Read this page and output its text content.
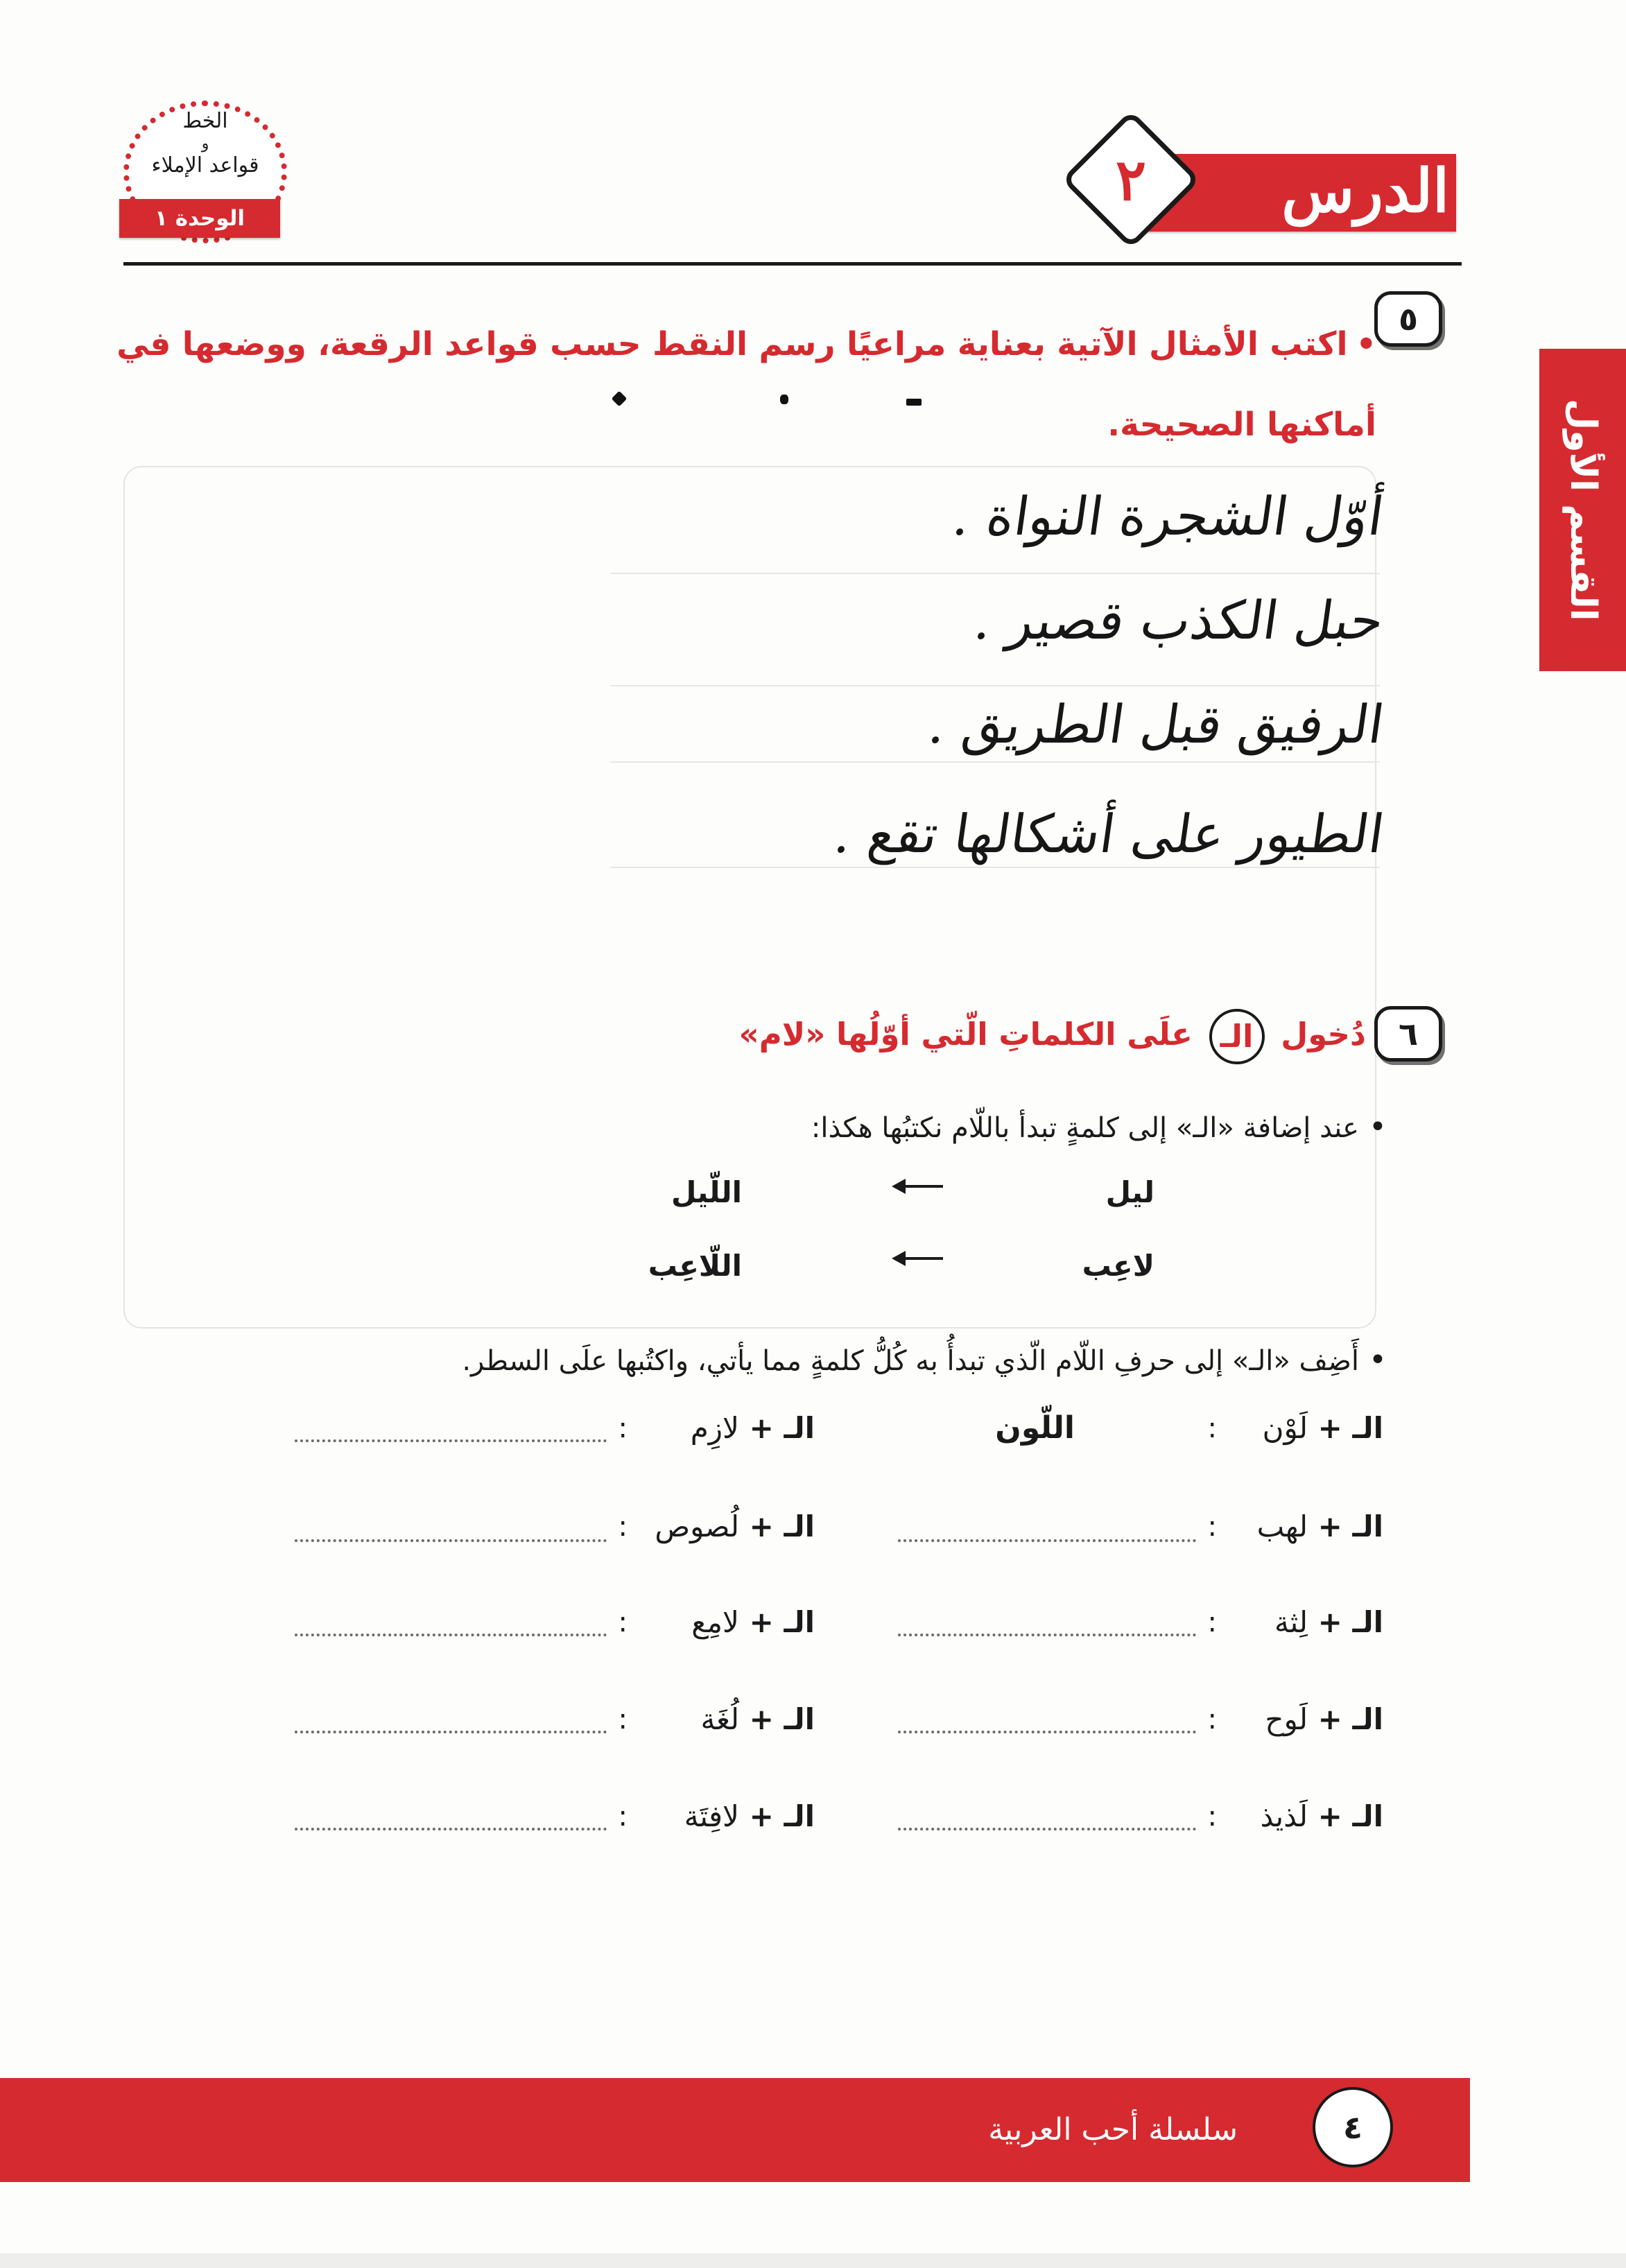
الدرس
٢
الخط
و
قواعد الإملاء
الوحدة ١
القسم الأول
٥
•اكتب الأمثال الآتية بعناية مراعيًا رسم النقط حسب قواعد الرقعة، ووضعها في أماكنها الصحيحة.
أوّل الشجرة النواة .
حبل الكذب قصير .
الرفيق قبل الطريق .
الطيور على أشكالها تقع .
٦
دُخول الـ علَى الكلماتِ الّتي أوّلُها «لام»
•عند إضافة «الـ» إلى كلمةٍ تبدأ باللّام نكتبُها هكذا:
ليل
اللّيل
لاعِب
اللّاعِب
•أَضِف «الـ» إلى حرفِ اللّام الّذي تبدأُ به كُلُّ كلمةٍ مما يأتي، واكتُبها علَى السطر.
الـ + لَوْن
:
اللّون
الـ + لهب
:
الـ + لِثة
:
الـ + لَوح
:
الـ + لَذيذ
:
الـ + لازِم
:
الـ + لُصوص
:
الـ + لامِع
:
الـ + لُغَة
:
الـ + لافِتَة
:
سلسلة أحب العربية	٤
